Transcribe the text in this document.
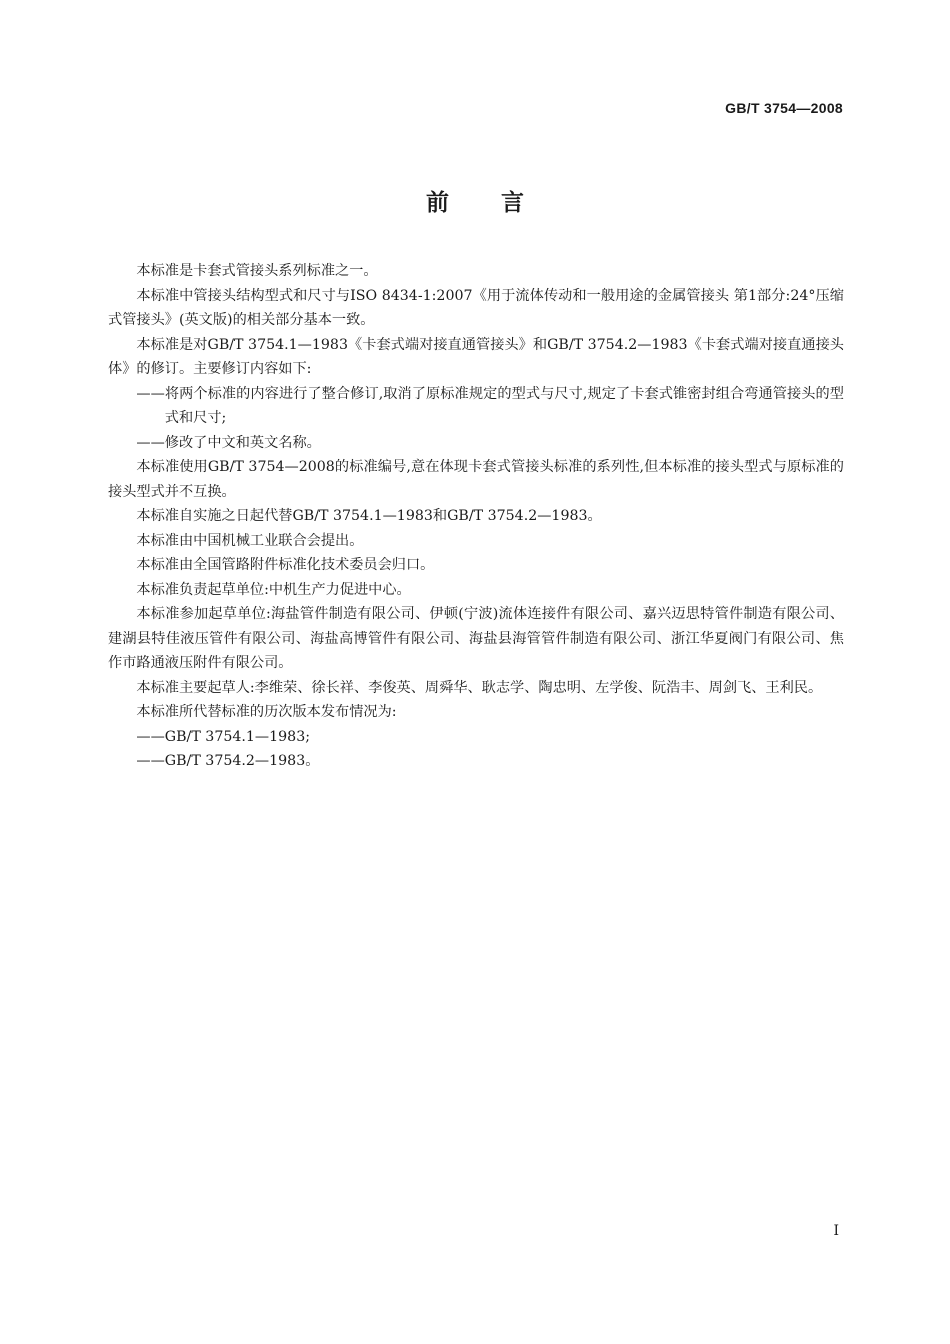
GB/T 3754—2008
前言

本标准是卡套式管接头系列标准之一。

本标准中管接头结构型式和尺寸与ISO 8434-1:2007《用于流体传动和一般用途的金属管接头 第1部分:24°压缩式管接头》(英文版)的相关部分基本一致。

本标准是对GB/T 3754.1—1983《卡套式端对接直通管接头》和GB/T 3754.2—1983《卡套式端对接直通接头体》的修订。主要修订内容如下:

——将两个标准的内容进行了整合修订,取消了原标准规定的型式与尺寸,规定了卡套式锥密封组合弯通管接头的型式和尺寸;

——修改了中文和英文名称。

本标准使用GB/T 3754—2008的标准编号,意在体现卡套式管接头标准的系列性,但本标准的接头型式与原标准的接头型式并不互换。

本标准自实施之日起代替GB/T 3754.1—1983和GB/T 3754.2—1983。

本标准由中国机械工业联合会提出。

本标准由全国管路附件标准化技术委员会归口。

本标准负责起草单位:中机生产力促进中心。

本标准参加起草单位:海盐管件制造有限公司、伊顿(宁波)流体连接件有限公司、嘉兴迈思特管件制造有限公司、建湖县特佳液压管件有限公司、海盐高博管件有限公司、海盐县海管管件制造有限公司、浙江华夏阀门有限公司、焦作市路通液压附件有限公司。

本标准主要起草人:李维荣、徐长祥、李俊英、周舜华、耿志学、陶忠明、左学俊、阮浩丰、周剑飞、王利民。

本标准所代替标准的历次版本发布情况为:

——GB/T 3754.1—1983;

——GB/T 3754.2—1983。

I
